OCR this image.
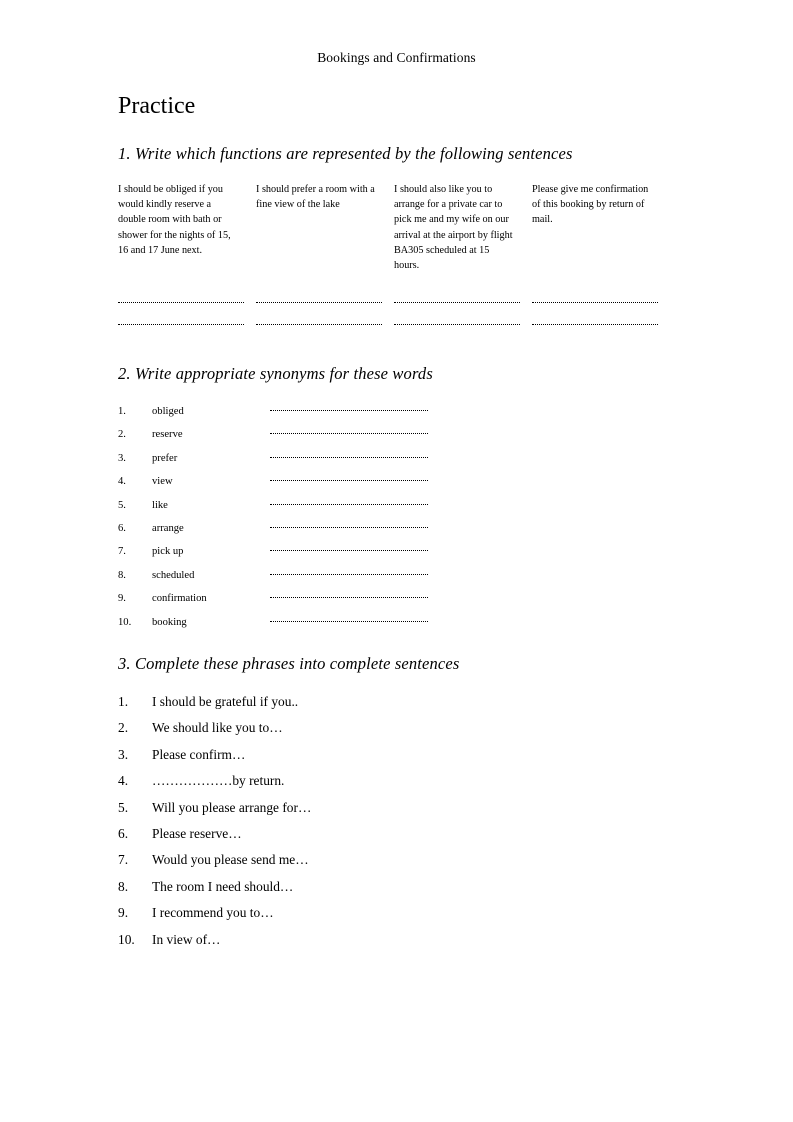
Bookings and Confirmations
Practice
1. Write which functions are represented by the following sentences
I should be obliged if you would kindly reserve a double room with bath or shower for the nights of 15, 16 and 17 June next.
I should prefer a room with a fine view of the lake
I should also like you to arrange for a private car to pick me and my wife on our arrival at the airport by flight BA305 scheduled at 15 hours.
Please give me confirmation of this booking by return of mail.
2. Write appropriate synonyms for these words
1.	obliged
2.	reserve
3.	prefer
4.	view
5.	like
6.	arrange
7.	pick up
8.	scheduled
9.	confirmation
10.	booking
3. Complete these phrases into complete sentences
1.	I should be grateful if you..
2.	We should like you to…
3.	Please confirm…
4.	………………by return.
5.	Will you please arrange for…
6.	Please reserve…
7.	Would you please send me…
8.	The room I need should…
9.	I recommend you to…
10.	In view of…
